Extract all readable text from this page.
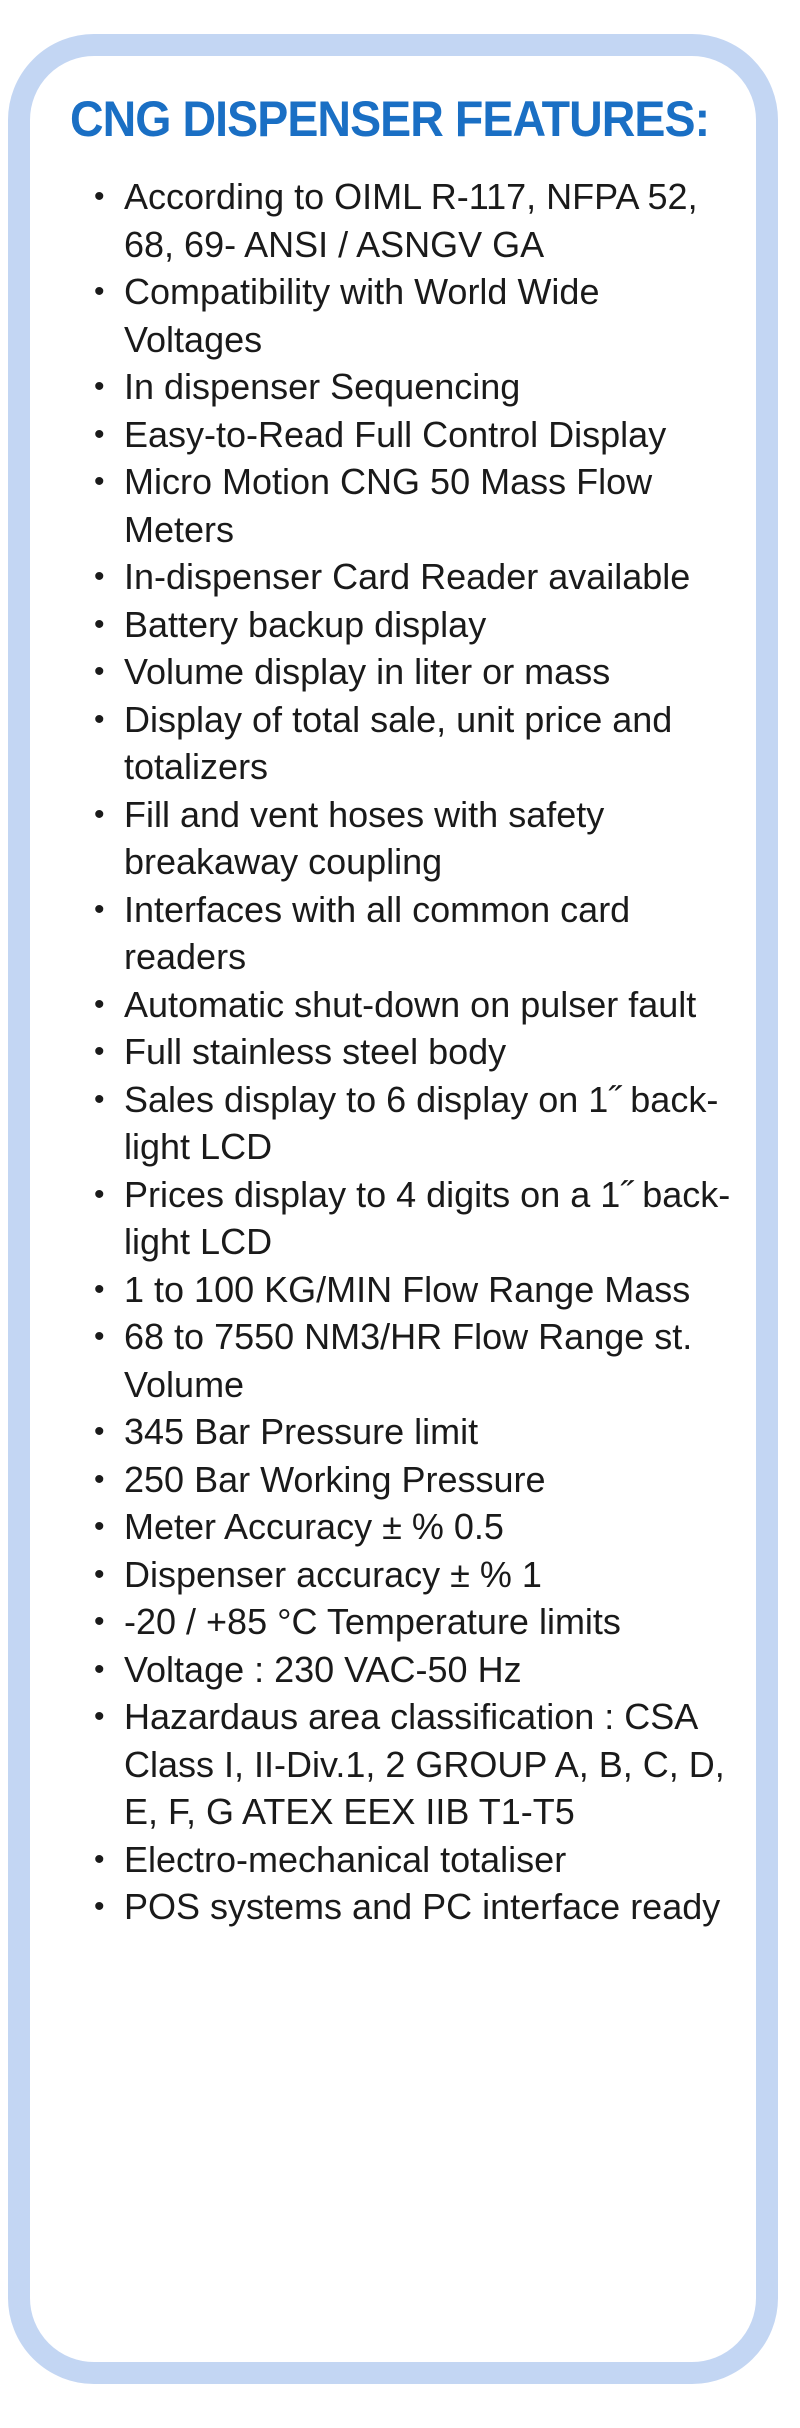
CNG DISPENSER FEATURES:
• According to OIML R-117, NFPA 52, 68, 69- ANSI / ASNGV GA
• Compatibility with World Wide Voltages
• In dispenser Sequencing
• Easy-to-Read Full Control Display
• Micro Motion CNG 50 Mass Flow Meters
• In-dispenser Card Reader available
• Battery backup display
• Volume display in liter or mass
• Display of total sale, unit price and totalizers
• Fill and vent hoses with safety breakaway coupling
• Interfaces with all common card readers
• Automatic shut-down on pulser fault
• Full stainless steel body
• Sales display to 6 display on 1˝ back-light LCD
• Prices display to 4 digits on a 1˝ back-light LCD
• 1 to 100 KG/MIN Flow Range Mass
• 68 to 7550 NM3/HR Flow Range st. Volume
• 345 Bar Pressure limit
• 250 Bar Working Pressure
• Meter Accuracy ± % 0.5
• Dispenser accuracy ± % 1
• -20 / +85 °C Temperature limits
• Voltage : 230 VAC-50 Hz
• Hazardaus area classification : CSA Class I, II-Div.1, 2 GROUP A, B, C, D, E, F, G ATEX EEX IIB T1-T5
• Electro-mechanical totaliser
• POS systems and PC interface ready
